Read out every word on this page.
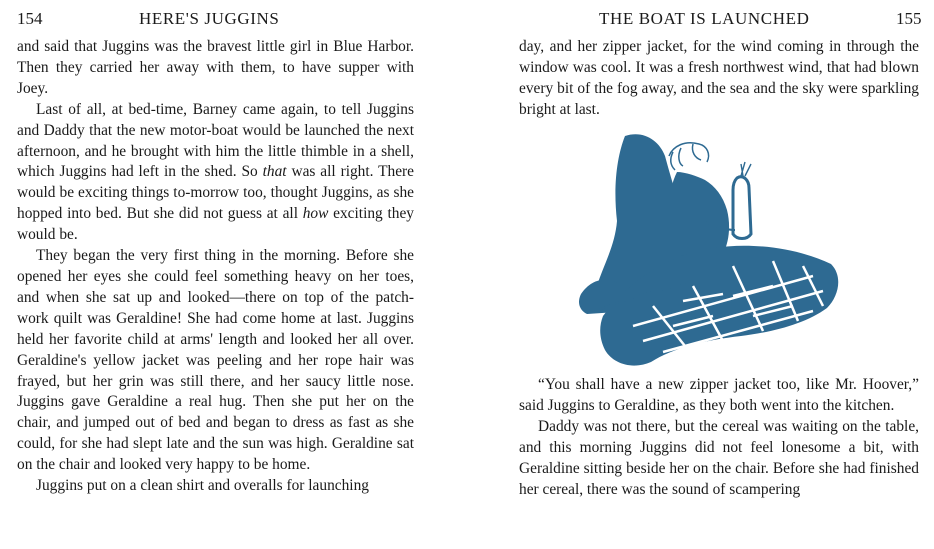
154	HERE'S JUGGINS

and said that Juggins was the bravest little girl in Blue Harbor. Then they carried her away with them, to have supper with Joey.

Last of all, at bed-time, Barney came again, to tell Juggins and Daddy that the new motor-boat would be launched the next afternoon, and he brought with him the little thimble in a shell, which Juggins had left in the shed. So that was all right. There would be exciting things to-morrow too, thought Juggins, as she hopped into bed. But she did not guess at all how exciting they would be.

They began the very first thing in the morning. Before she opened her eyes she could feel something heavy on her toes, and when she sat up and looked—there on top of the patch-work quilt was Geraldine! She had come home at last. Juggins held her favorite child at arms' length and looked her all over. Geraldine's yellow jacket was peeling and her rope hair was frayed, but her grin was still there, and her saucy little nose. Juggins gave Geraldine a real hug. Then she put her on the chair, and jumped out of bed and began to dress as fast as she could, for she had slept late and the sun was high. Geraldine sat on the chair and looked very happy to be home.

Juggins put on a clean shirt and overalls for launching

THE BOAT IS LAUNCHED	155

day, and her zipper jacket, for the wind coming in through the window was cool. It was a fresh northwest wind, that had blown every bit of the fog away, and the sea and the sky were sparkling bright at last.

“You shall have a new zipper jacket too, like Mr. Hoover,” said Juggins to Geraldine, as they both went into the kitchen.

Daddy was not there, but the cereal was waiting on the table, and this morning Juggins did not feel lonesome a bit, with Geraldine sitting beside her on the chair. Before she had finished her cereal, there was the sound of scampering
